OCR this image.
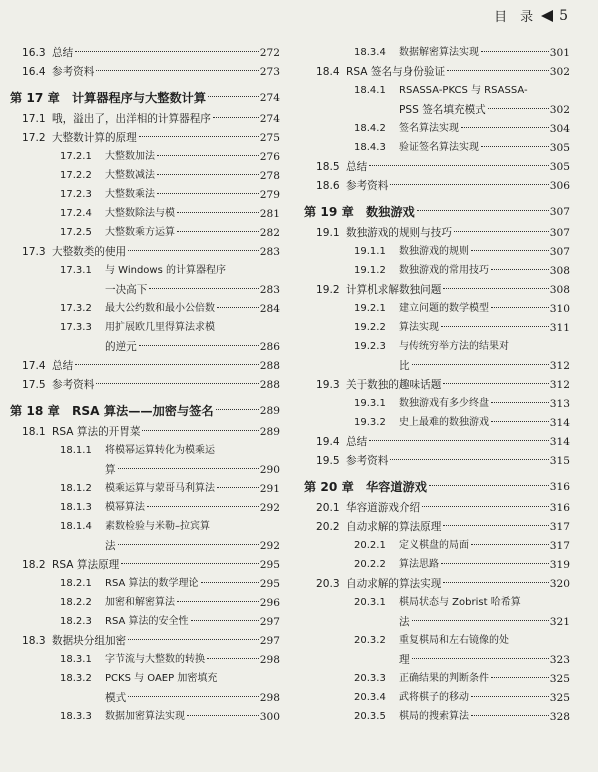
目　录 5
16.3 总结	272
16.4 参考资料	273
第 17 章 计算器程序与大整数计算	274
17.1 哦，溢出了，出洋相的计算器程序	274
17.2 大整数计算的原理	275
17.2.1	大整数加法	276
17.2.2	大整数减法	278
17.2.3	大整数乘法	279
17.2.4	大整数除法与模	281
17.2.5	大整数乘方运算	282
17.3 大整数类的使用	283
17.3.1	与 Windows 的计算器程序
一决高下	283
17.3.2	最大公约数和最小公倍数	284
17.3.3	用扩展欧几里得算法求模
的逆元	286
17.4 总结	288
17.5 参考资料	288
第 18 章 RSA 算法——加密与签名	289
18.1 RSA 算法的开胃菜	289
18.1.1	将模幂运算转化为模乘运
算	290
18.1.2	模乘运算与蒙哥马利算法	291
18.1.3	模幂算法	292
18.1.4	素数检验与米勒–拉宾算
法	292
18.2 RSA 算法原理	295
18.2.1	RSA 算法的数学理论	295
18.2.2	加密和解密算法	296
18.2.3	RSA 算法的安全性	297
18.3 数据块分组加密	297
18.3.1	字节流与大整数的转换	298
18.3.2	PCKS 与 OAEP 加密填充
模式	298
18.3.3	数据加密算法实现	300
18.3.4	数据解密算法实现	301
18.4 RSA 签名与身份验证	302
18.4.1	RSASSA-PKCS 与 RSASSA-
PSS 签名填充模式	302
18.4.2	签名算法实现	304
18.4.3	验证签名算法实现	305
18.5 总结	305
18.6 参考资料	306
第 19 章 数独游戏	307
19.1 数独游戏的规则与技巧	307
19.1.1	数独游戏的规则	307
19.1.2	数独游戏的常用技巧	308
19.2 计算机求解数独问题	308
19.2.1	建立问题的数学模型	310
19.2.2	算法实现	311
19.2.3	与传统穷举方法的结果对
比	312
19.3 关于数独的趣味话题	312
19.3.1	数独游戏有多少终盘	313
19.3.2	史上最难的数独游戏	314
19.4 总结	314
19.5 参考资料	315
第 20 章 华容道游戏	316
20.1 华容道游戏介绍	316
20.2 自动求解的算法原理	317
20.2.1	定义棋盘的局面	317
20.2.2	算法思路	319
20.3 自动求解的算法实现	320
20.3.1	棋局状态与 Zobrist 哈希算
法	321
20.3.2	重复棋局和左右镜像的处
理	323
20.3.3	正确结果的判断条件	325
20.3.4	武将棋子的移动	325
20.3.5	棋局的搜索算法	328
